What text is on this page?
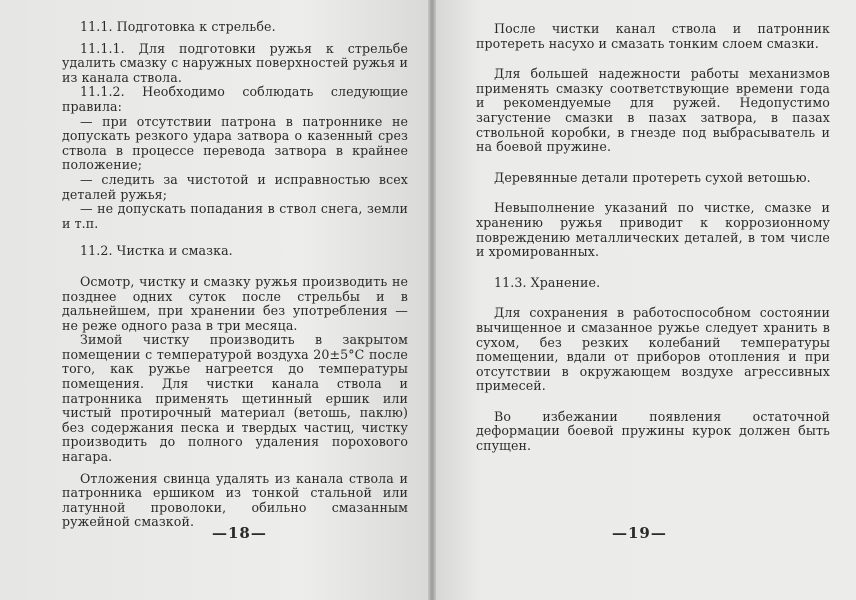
11.1. Подготовка к стрельбе.

11.1.1. Для подготовки ружья к стрельбе удалить смазку с наружных поверхностей ружья и из канала ствола.

11.1.2. Необходимо соблюдать следующие правила:

— при отсутствии патрона в патроннике не допускать резкого удара затвора о казенный срез ствола в процессе перевода затвора в крайнее положение;

— следить за чистотой и исправностью всех деталей ружья;

— не допускать попадания в ствол снега, земли и т.п.

11.2. Чистка и смазка.

Осмотр, чистку и смазку ружья производить не позднее одних суток после стрельбы и в дальнейшем, при хранении без употребления — не реже одного раза в три месяца.

Зимой чистку производить в закрытом помещении с температурой воздуха 20±5°С после того, как ружье нагреется до температуры помещения. Для чистки канала ствола и патронника применять щетинный ершик или чистый протирочный материал (ветошь, паклю) без содержания песка и твердых частиц, чистку производить до полного удаления порохового нагара.

Отложения свинца удалять из канала ствола и патронника ершиком из тонкой стальной или латунной проволоки, обильно смазанным ружейной смазкой.

—18—

После чистки канал ствола и патронник протереть насухо и смазать тонким слоем смазки.

Для большей надежности работы механизмов применять смазку соответствующие времени года и рекомендуемые для ружей. Недопустимо загустение смазки в пазах затвора, в пазах ствольной коробки, в гнезде под выбрасыватель и на боевой пружине.

Деревянные детали протереть сухой ветошью.

Невыполнение указаний по чистке, смазке и хранению ружья приводит к коррозионному повреждению металлических деталей, в том числе и хромированных.

11.3. Хранение.

Для сохранения в работоспособном состоянии вычищенное и смазанное ружье следует хранить в сухом, без резких колебаний температуры помещении, вдали от приборов отопления и при отсутствии в окружающем воздухе агрессивных примесей.

Во избежании появления остаточной деформации боевой пружины курок должен быть спущен.

—19—
